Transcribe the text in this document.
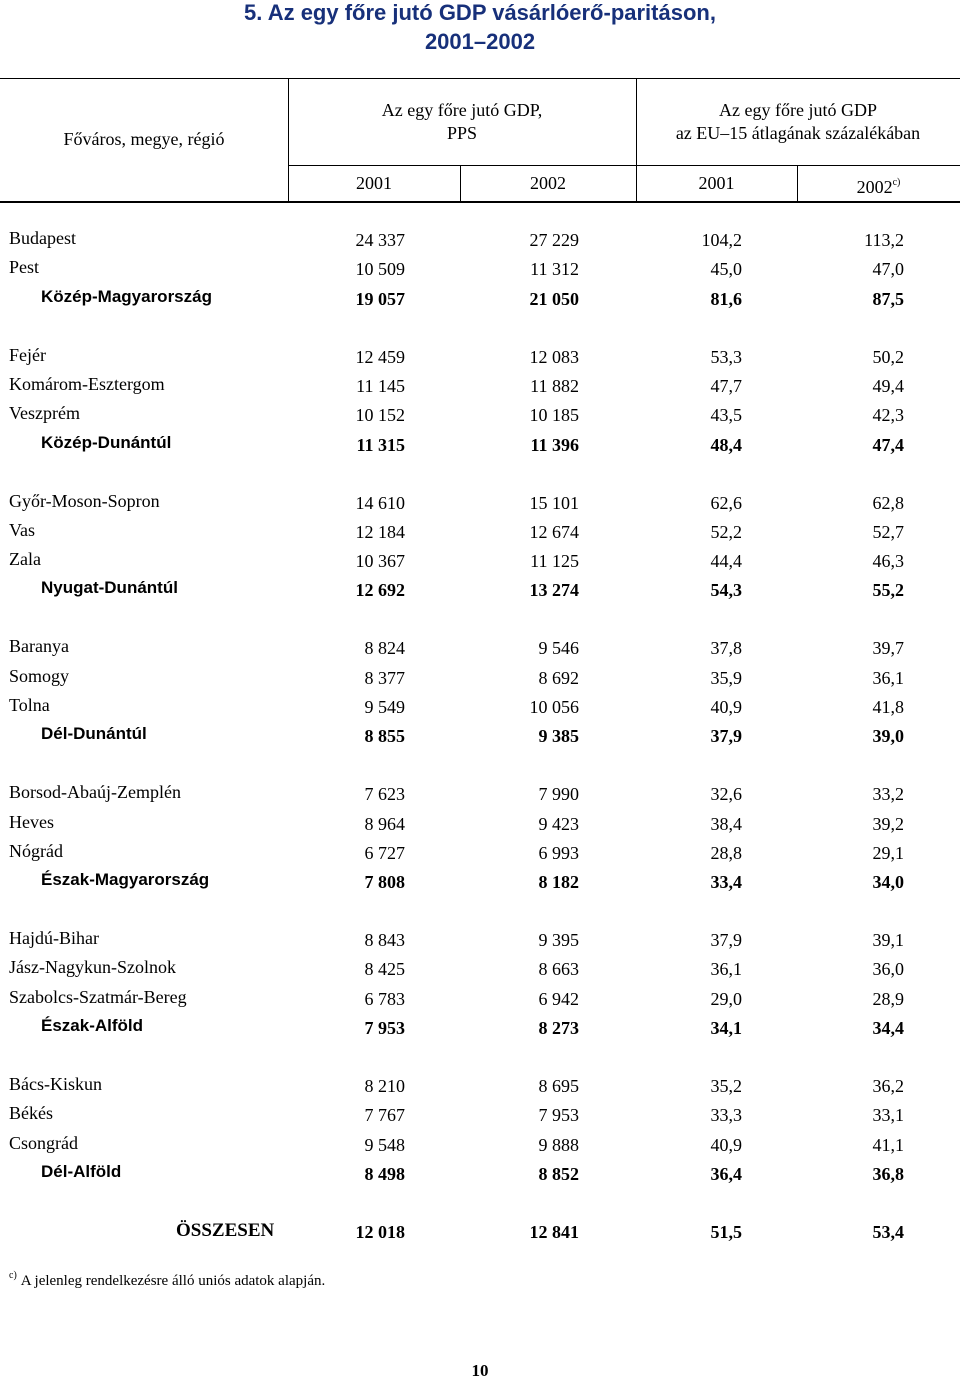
5. Az egy főre jutó GDP vásárlóerő-paritáson,
2001–2002
Főváros, megye, régió
Az egy főre jutó GDP,
PPS
Az egy főre jutó GDP
az EU–15 átlagának százalékában
2001	2002	2001	2002$^{c)}$
Budapest	24 337	27 229	104,2	113,2
Pest	10 509	11 312	45,0	47,0
Közép-Magyarország	19 057	21 050	81,6	87,5
Fejér	12 459	12 083	53,3	50,2
Komárom-Esztergom	11 145	11 882	47,7	49,4
Veszprém	10 152	10 185	43,5	42,3
Közép-Dunántúl	11 315	11 396	48,4	47,4
Győr-Moson-Sopron	14 610	15 101	62,6	62,8
Vas	12 184	12 674	52,2	52,7
Zala	10 367	11 125	44,4	46,3
Nyugat-Dunántúl	12 692	13 274	54,3	55,2
Baranya	8 824	9 546	37,8	39,7
Somogy	8 377	8 692	35,9	36,1
Tolna	9 549	10 056	40,9	41,8
Dél-Dunántúl	8 855	9 385	37,9	39,0
Borsod-Abaúj-Zemplén	7 623	7 990	32,6	33,2
Heves	8 964	9 423	38,4	39,2
Nógrád	6 727	6 993	28,8	29,1
Észak-Magyarország	7 808	8 182	33,4	34,0
Hajdú-Bihar	8 843	9 395	37,9	39,1
Jász-Nagykun-Szolnok	8 425	8 663	36,1	36,0
Szabolcs-Szatmár-Bereg	6 783	6 942	29,0	28,9
Észak-Alföld	7 953	8 273	34,1	34,4
Bács-Kiskun	8 210	8 695	35,2	36,2
Békés	7 767	7 953	33,3	33,1
Csongrád	9 548	9 888	40,9	41,1
Dél-Alföld	8 498	8 852	36,4	36,8
ÖSSZESEN	12 018	12 841	51,5	53,4
$^{c)}$ A jelenleg rendelkezésre álló uniós adatok alapján.
10
